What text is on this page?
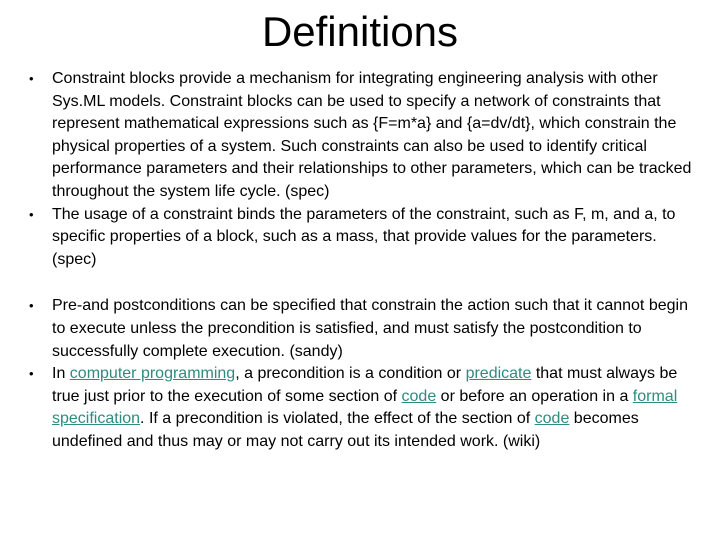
Definitions
• Constraint blocks provide a mechanism for integrating engineering analysis with other Sys.ML models. Constraint blocks can be used to specify a network of constraints that represent mathematical expressions such as {F=m*a} and {a=dv/dt}, which constrain the physical properties of a system. Such constraints can also be used to identify critical performance parameters and their relationships to other parameters, which can be tracked throughout the system life cycle. (spec)
• The usage of a constraint binds the parameters of the constraint, such as F, m, and a, to specific properties of a block, such as a mass, that provide values for the parameters. (spec)
• Pre-and postconditions can be specified that constrain the action such that it cannot begin to execute unless the precondition is satisfied, and must satisfy the postcondition to successfully complete execution. (sandy)
• In computer programming, a precondition is a condition or predicate that must always be true just prior to the execution of some section of code or before an operation in a formal specification. If a precondition is violated, the effect of the section of code becomes undefined and thus may or may not carry out its intended work. (wiki)
